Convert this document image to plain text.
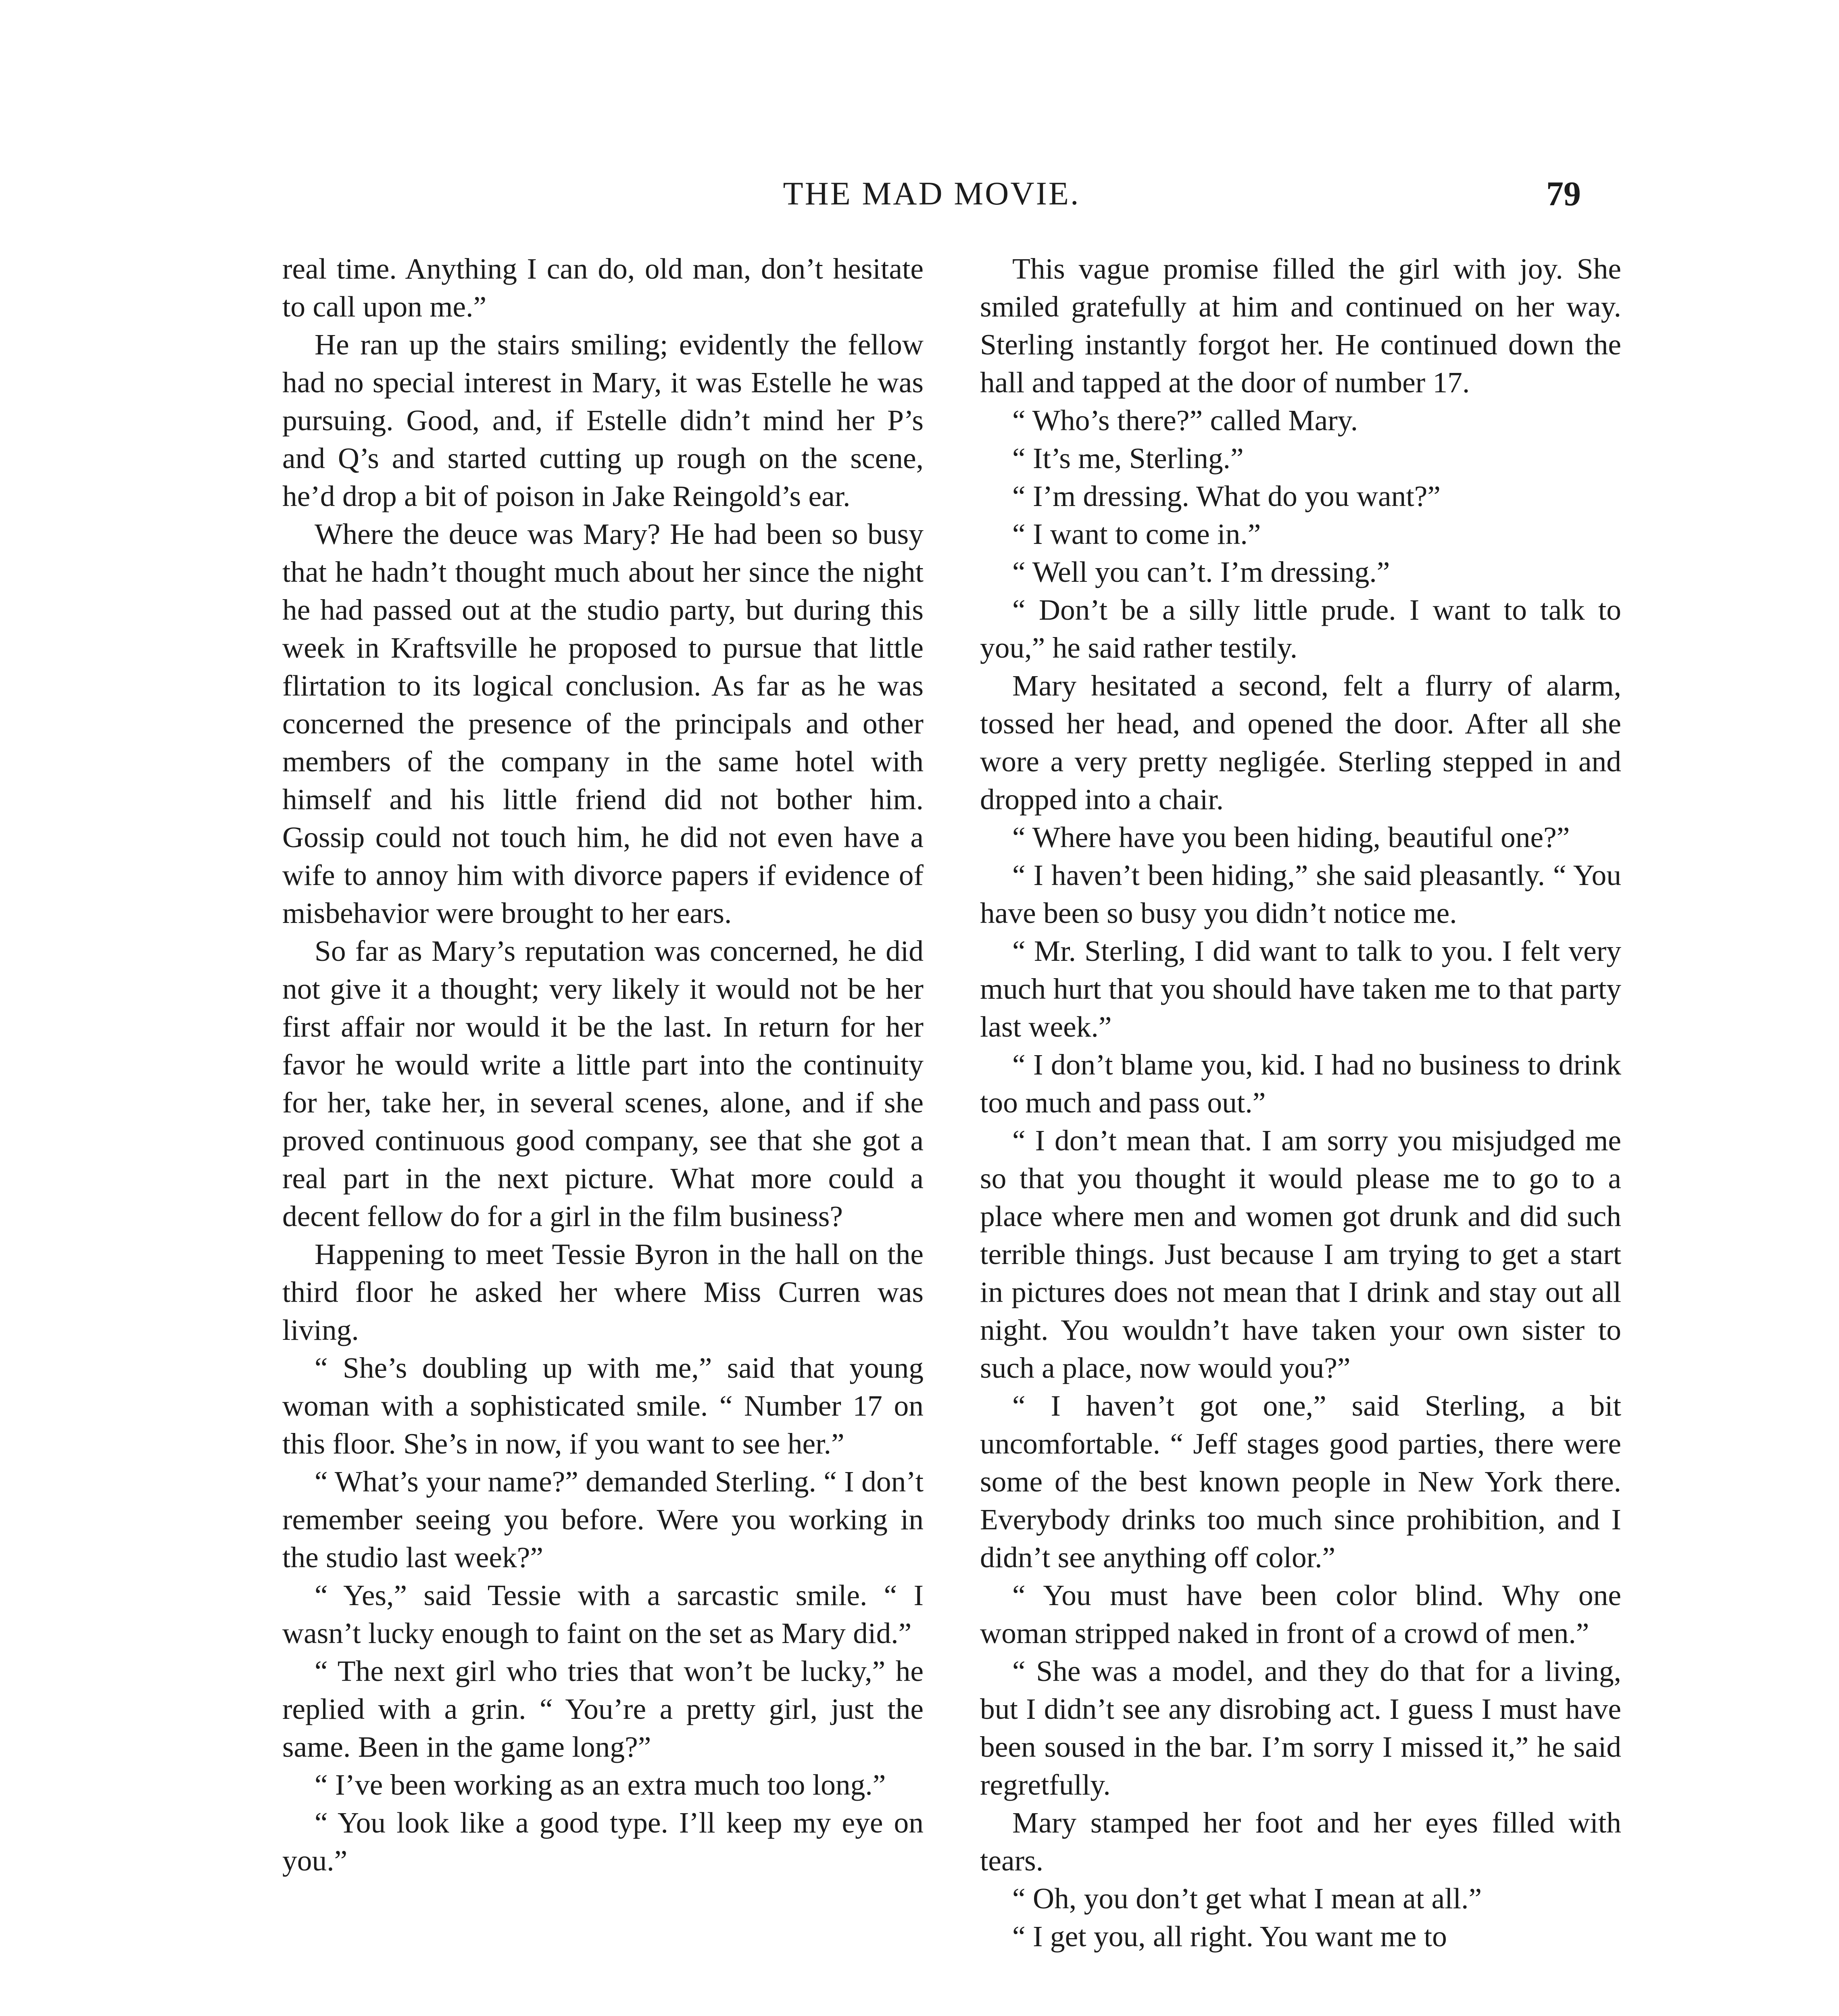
THE MAD MOVIE.	79

real time. Anything I can do, old man, don’t hesitate to call upon me.”

He ran up the stairs smiling; evidently the fellow had no special interest in Mary, it was Estelle he was pursuing. Good, and, if Estelle didn’t mind her P’s and Q’s and started cutting up rough on the scene, he’d drop a bit of poison in Jake Reingold’s ear.

Where the deuce was Mary? He had been so busy that he hadn’t thought much about her since the night he had passed out at the studio party, but during this week in Kraftsville he proposed to pursue that little flirtation to its logical conclusion. As far as he was concerned the presence of the principals and other members of the company in the same hotel with himself and his little friend did not bother him. Gossip could not touch him, he did not even have a wife to annoy him with divorce papers if evidence of misbehavior were brought to her ears.

So far as Mary’s reputation was concerned, he did not give it a thought; very likely it would not be her first affair nor would it be the last. In return for her favor he would write a little part into the continuity for her, take her, in several scenes, alone, and if she proved continuous good company, see that she got a real part in the next picture. What more could a decent fellow do for a girl in the film business?

Happening to meet Tessie Byron in the hall on the third floor he asked her where Miss Curren was living.

“ She’s doubling up with me,” said that young woman with a sophisticated smile. “ Number 17 on this floor. She’s in now, if you want to see her.”

“ What’s your name?” demanded Sterling. “ I don’t remember seeing you before. Were you working in the studio last week?”

“ Yes,” said Tessie with a sarcastic smile. “ I wasn’t lucky enough to faint on the set as Mary did.”

“ The next girl who tries that won’t be lucky,” he replied with a grin. “ You’re a pretty girl, just the same. Been in the game long?”

“ I’ve been working as an extra much too long.”

“ You look like a good type. I’ll keep my eye on you.”

This vague promise filled the girl with joy. She smiled gratefully at him and continued on her way. Sterling instantly forgot her. He continued down the hall and tapped at the door of number 17.

“ Who’s there?” called Mary.

“ It’s me, Sterling.”

“ I’m dressing. What do you want?”

“ I want to come in.”

“ Well you can’t. I’m dressing.”

“ Don’t be a silly little prude. I want to talk to you,” he said rather testily.

Mary hesitated a second, felt a flurry of alarm, tossed her head, and opened the door. After all she wore a very pretty negligée. Sterling stepped in and dropped into a chair.

“ Where have you been hiding, beautiful one?”

“ I haven’t been hiding,” she said pleasantly. “ You have been so busy you didn’t notice me.

“ Mr. Sterling, I did want to talk to you. I felt very much hurt that you should have taken me to that party last week.”

“ I don’t blame you, kid. I had no business to drink too much and pass out.”

“ I don’t mean that. I am sorry you misjudged me so that you thought it would please me to go to a place where men and women got drunk and did such terrible things. Just because I am trying to get a start in pictures does not mean that I drink and stay out all night. You wouldn’t have taken your own sister to such a place, now would you?”

“ I haven’t got one,” said Sterling, a bit uncomfortable. “ Jeff stages good parties, there were some of the best known people in New York there. Everybody drinks too much since prohibition, and I didn’t see anything off color.”

“ You must have been color blind. Why one woman stripped naked in front of a crowd of men.”

“ She was a model, and they do that for a living, but I didn’t see any disrobing act. I guess I must have been soused in the bar. I’m sorry I missed it,” he said regretfully.

Mary stamped her foot and her eyes filled with tears.

“ Oh, you don’t get what I mean at all.”

“ I get you, all right. You want me to
